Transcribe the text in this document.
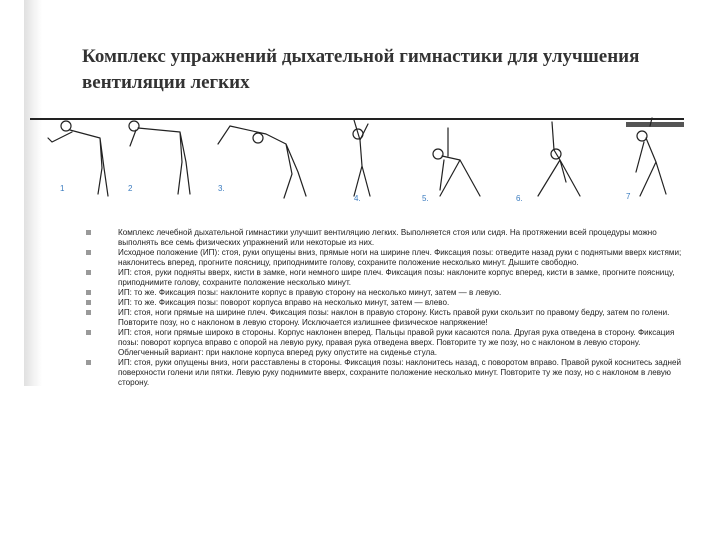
Комплекс упражнений дыхательной гимнастики для улучшения вентиляции легких
1	2	3.
4.	5.	6.	7
Комплекс лечебной дыхательной гимнастики улучшит вентиляцию легких. Выполняется стоя или сидя. На протяжении всей процедуры можно выполнять все семь физических упражнений или некоторые из них.
Исходное положение (ИП): стоя, руки опущены вниз, прямые ноги на ширине плеч. Фиксация позы: отведите назад руки с поднятыми вверх кистями; наклонитесь вперед, прогните поясницу, приподнимите голову, сохраните положение несколько минут. Дышите свободно.
ИП: стоя, руки подняты вверх, кисти в замке, ноги немного шире плеч. Фиксация позы: наклоните корпус вперед, кисти в замке, прогните поясницу, приподнимите голову, сохраните положение несколько минут.
ИП: то же. Фиксация позы: наклоните корпус в правую сторону на несколько минут, затем — в левую.
ИП: то же. Фиксация позы: поворот корпуса вправо на несколько минут, затем — влево.
ИП: стоя, ноги прямые на ширине плеч. Фиксация позы: наклон в правую сторону. Кисть правой руки скользит по правому бедру, затем по голени. Повторите позу, но с наклоном в левую сторону. Исключается излишнее физическое напряжение!
ИП: стоя, ноги прямые широко в стороны. Корпус наклонен вперед. Пальцы правой руки касаются пола. Другая рука отведена в сторону. Фиксация позы: поворот корпуса вправо с опорой на левую руку, правая рука отведена вверх. Повторите ту же позу, но с наклоном в левую сторону. Облегченный вариант: при наклоне корпуса вперед руку опустите на сиденье стула.
ИП: стоя, руки опущены вниз, ноги расставлены в стороны. Фиксация позы: наклонитесь назад, с поворотом вправо. Правой рукой коснитесь задней поверхности голени или пятки. Левую руку поднимите вверх, сохраните положение несколько минут. Повторите ту же позу, но с наклоном в левую сторону.
